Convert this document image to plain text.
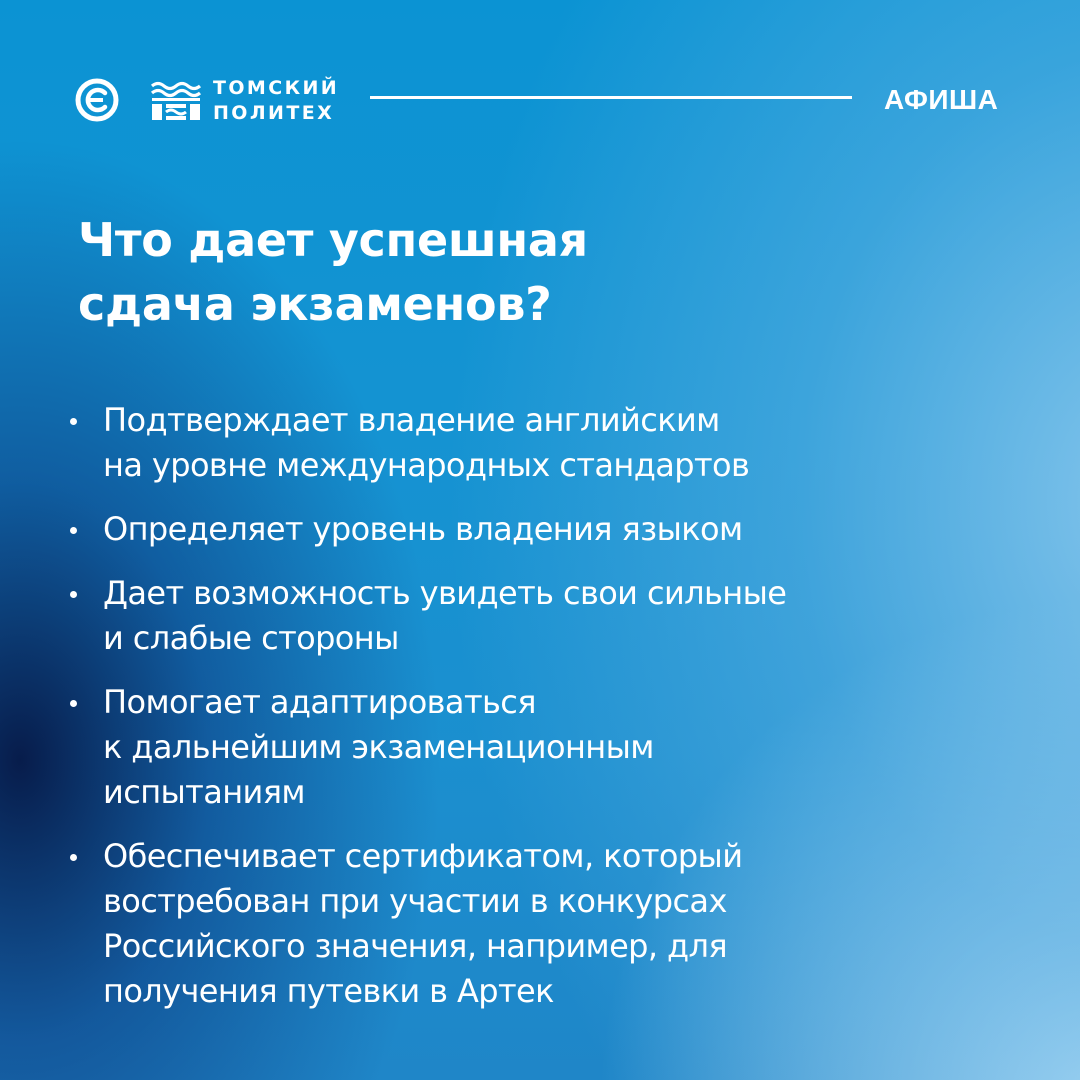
ТОМСКИЙ
ПОЛИТЕХ	АФИША
Что дает успешная
сдача экзаменов?
Подтверждает владение английским
на уровне международных стандартов
Определяет уровень владения языком
Дает возможность увидеть свои сильные
и слабые стороны
Помогает адаптироваться
к дальнейшим экзаменационным
испытаниям
Обеспечивает сертификатом, который
востребован при участии в конкурсах
Российского значения, например, для
получения путевки в Артек
